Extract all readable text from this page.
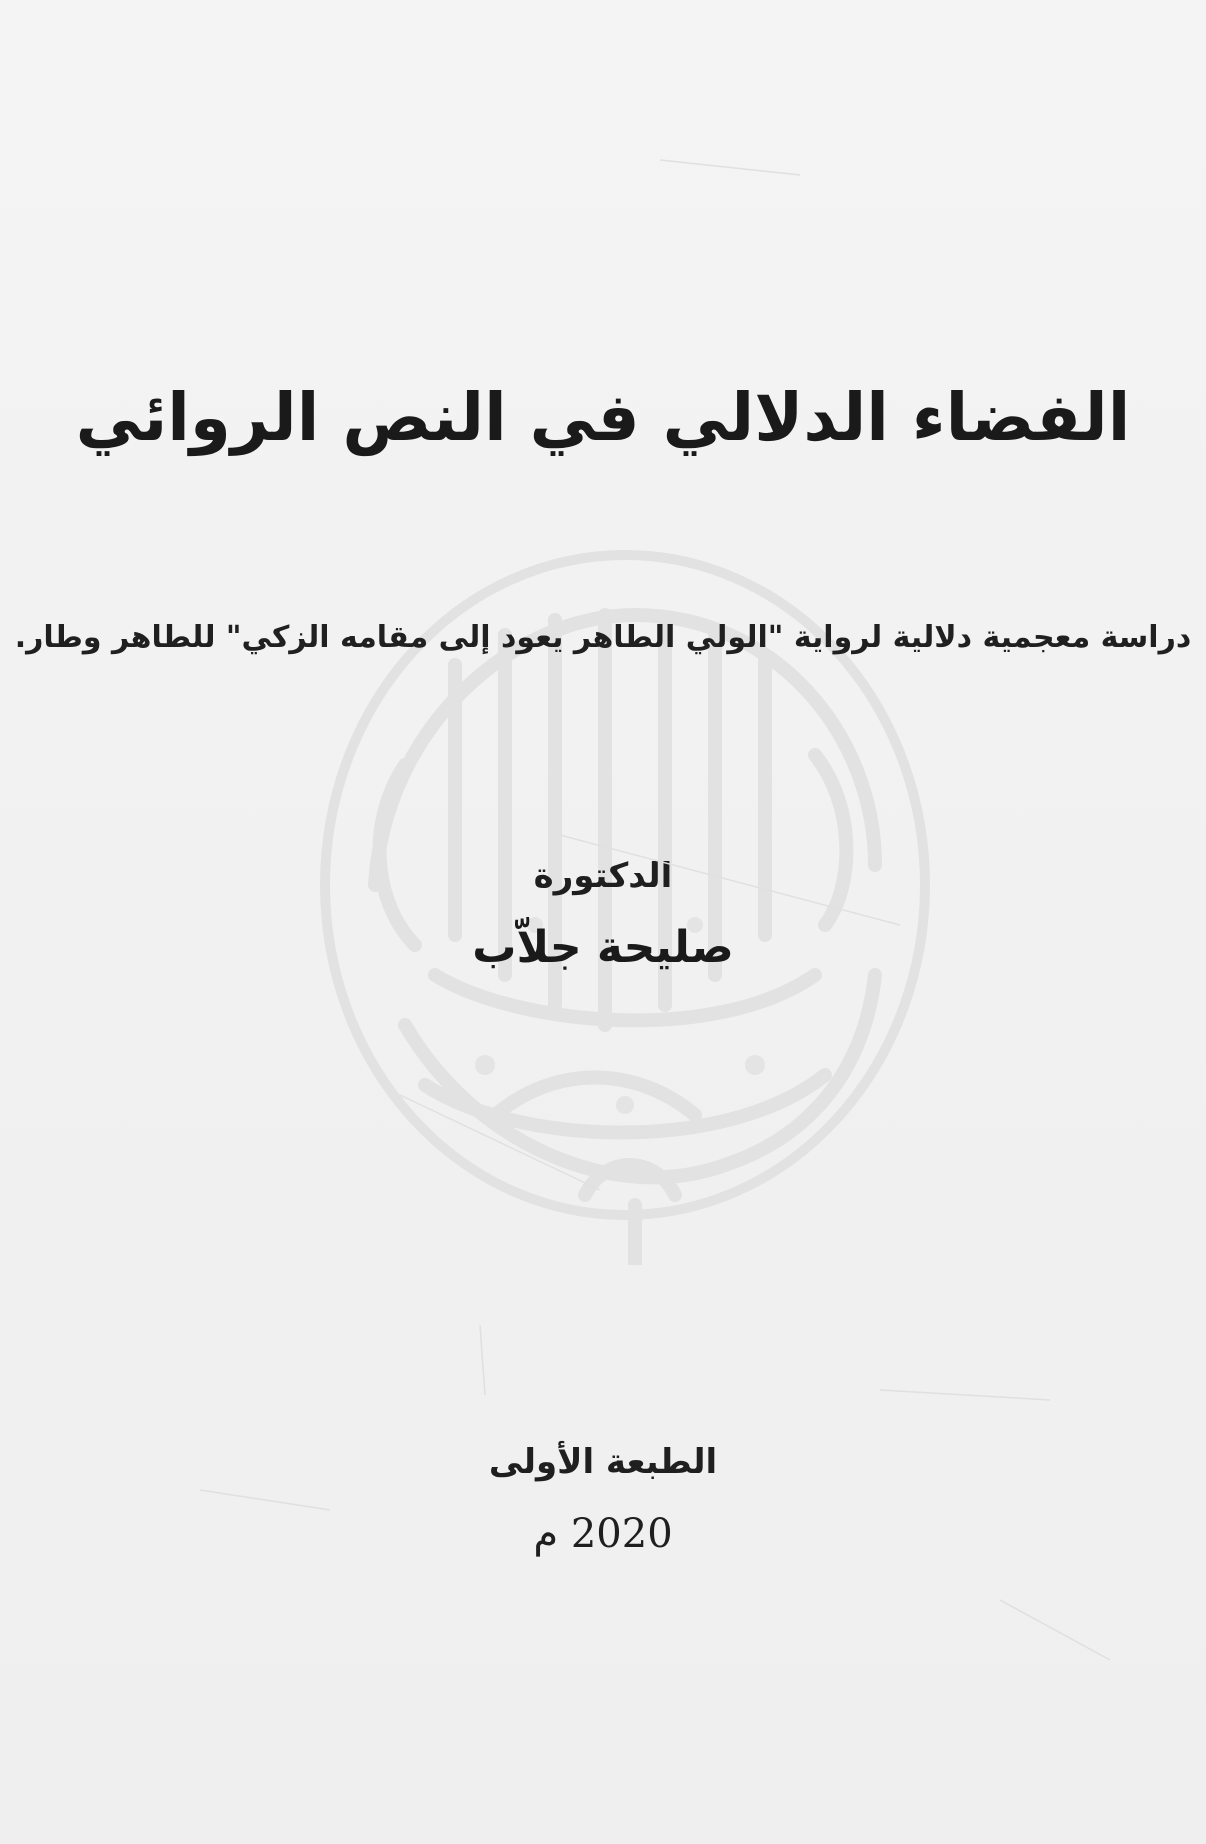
الفضاء الدلالي في النص الروائي
دراسة معجمية دلالية لرواية "الولي الطاهر يعود إلى مقامه الزكي" للطاهر وطار.
الدكتورة
صليحة جلاّب
الطبعة الأولى
2020 م
